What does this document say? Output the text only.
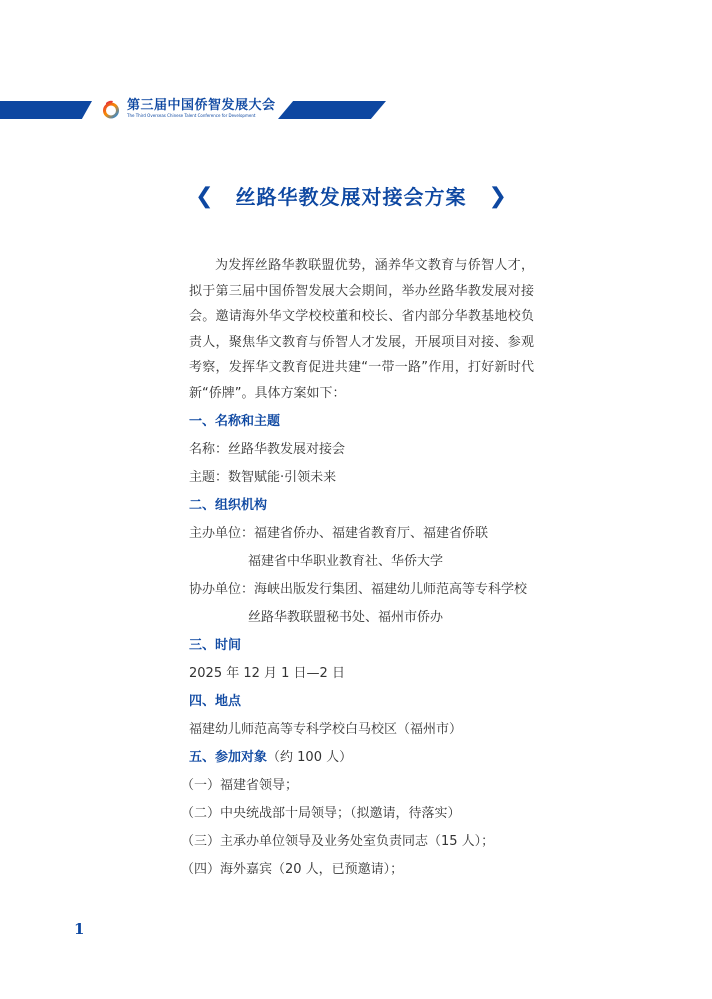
第三届中国侨智发展大会
The Third Overseas Chinese Talent Conference for Development
❮ 丝路华教发展对接会方案 ❯

为发挥丝路华教联盟优势，涵养华文教育与侨智人才，拟于第三届中国侨智发展大会期间，举办丝路华教发展对接会。邀请海外华文学校校董和校长、省内部分华教基地校负责人，聚焦华文教育与侨智人才发展，开展项目对接、参观考察，发挥华文教育促进共建“一带一路”作用，打好新时代新“侨牌”。具体方案如下：

一、名称和主题
名称：丝路华教发展对接会
主题：数智赋能·引领未来
二、组织机构
主办单位：福建省侨办、福建省教育厅、福建省侨联
福建省中华职业教育社、华侨大学
协办单位：海峡出版发行集团、福建幼儿师范高等专科学校
丝路华教联盟秘书处、福州市侨办
三、时间
2025 年 12 月 1 日—2 日
四、地点
福建幼儿师范高等专科学校白马校区（福州市）
五、参加对象（约 100 人）
（一）福建省领导；
（二）中央统战部十局领导；（拟邀请，待落实）
（三）主承办单位领导及业务处室负责同志（15 人）；
（四）海外嘉宾（20 人，已预邀请）；
1
